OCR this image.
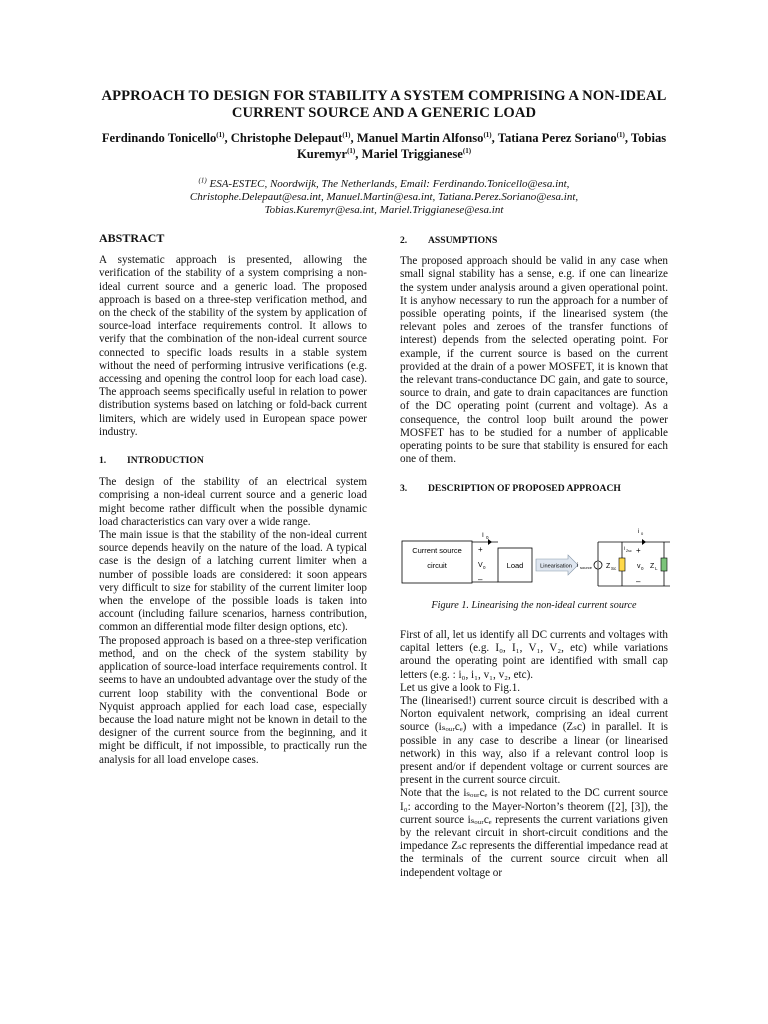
APPROACH TO DESIGN FOR STABILITY A SYSTEM COMPRISING A NON-IDEAL CURRENT SOURCE AND A GENERIC LOAD
Ferdinando Tonicello$^{(1)}$, Christophe Delepaut$^{(1)}$, Manuel Martin Alfonso$^{(1)}$, Tatiana Perez Soriano$^{(1)}$, Tobias Kuremyr$^{(1)}$, Mariel Triggianese$^{(1)}$
$^{(1)}$ ESA-ESTEC, Noordwijk, The Netherlands, Email: Ferdinando.Tonicello@esa.int,
Christophe.Delepaut@esa.int, Manuel.Martin@esa.int, Tatiana.Perez.Soriano@esa.int,
Tobias.Kuremyr@esa.int, Mariel.Triggianese@esa.int

ABSTRACT

A systematic approach is presented, allowing the verification of the stability of a system comprising a non-ideal current source and a generic load. The proposed approach is based on a three-step verification method, and on the check of the stability of the system by application of source-load interface requirements control. It allows to verify that the combination of the non-ideal current source connected to specific loads results in a stable system without the need of performing intrusive verifications (e.g. accessing and opening the control loop for each load case). The approach seems specifically useful in relation to power distribution systems based on latching or fold-back current limiters, which are widely used in European space power industry.

1.	INTRODUCTION

The design of the stability of an electrical system comprising a non-ideal current source and a generic load might become rather difficult when the possible dynamic load characteristics can vary over a wide range.

The main issue is that the stability of the non-ideal current source depends heavily on the nature of the load. A typical case is the design of a latching current limiter when a number of possible loads are considered: it soon appears very difficult to size for stability of the current limiter loop when the envelope of the possible loads is taken into account (including failure scenarios, harness contribution, common an differential mode filter design options, etc).

The proposed approach is based on a three-step verification method, and on the check of the system stability by application of source-load interface requirements control. It seems to have an undoubted advantage over the study of the current loop stability with the conventional Bode or Nyquist approach applied for each load case, especially because the load nature might not be known in detail to the designer of the current source from the beginning, and it might be difficult, if not impossible, to practically run the analysis for all load envelope cases.

2.	ASSUMPTIONS

The proposed approach should be valid in any case when small signal stability has a sense, e.g. if one can linearize the system under analysis around a given operational point. It is anyhow necessary to run the approach for a number of possible operating points, if the linearised system (the relevant poles and zeroes of the transfer functions of interest) depends from the selected operating point. For example, if the current source is based on the current provided at the drain of a power MOSFET, it is known that the relevant trans-conductance DC gain, and gate to source, source to drain, and gate to drain capacitances are function of the DC operating point (current and voltage). As a consequence, the control loop built around the power MOSFET has to be studied for a number of applicable operating points to be sure that stability is ensured for each one of them.

3.	DESCRIPTION OF PROPOSED APPROACH
Current source
circuit
I 0
+
V 0
–
Load	Linearisation i source Z Sc
i Zsc +
v 0
–
Z L
i 0
Figure 1. Linearising the non-ideal current source

First of all, let us identify all DC currents and voltages with capital letters (e.g. I₀, I₁, V₁, V₂, etc) while variations around the operating point are identified with small cap letters (e.g. : i₀, i₁, v₁, v₂, etc).

Let us give a look to Fig.1.

The (linearised!) current source circuit is described with a Norton equivalent network, comprising an ideal current source (iₛₒᵤᵣcₑ) with a impedance (Zₛc) in parallel. It is possible in any case to describe a linear (or linearised network) in this way, also if a relevant control loop is present and/or if dependent voltage or current sources are present in the current source circuit.

Note that the iₛₒᵤᵣcₑ is not related to the DC current source I₀: according to the Mayer-Norton’s theorem ([2], [3]), the current source iₛₒᵤᵣcₑ represents the current variations given by the relevant circuit in short-circuit conditions and the impedance Zₛc represents the differential impedance read at the terminals of the current source circuit when all independent voltage or
